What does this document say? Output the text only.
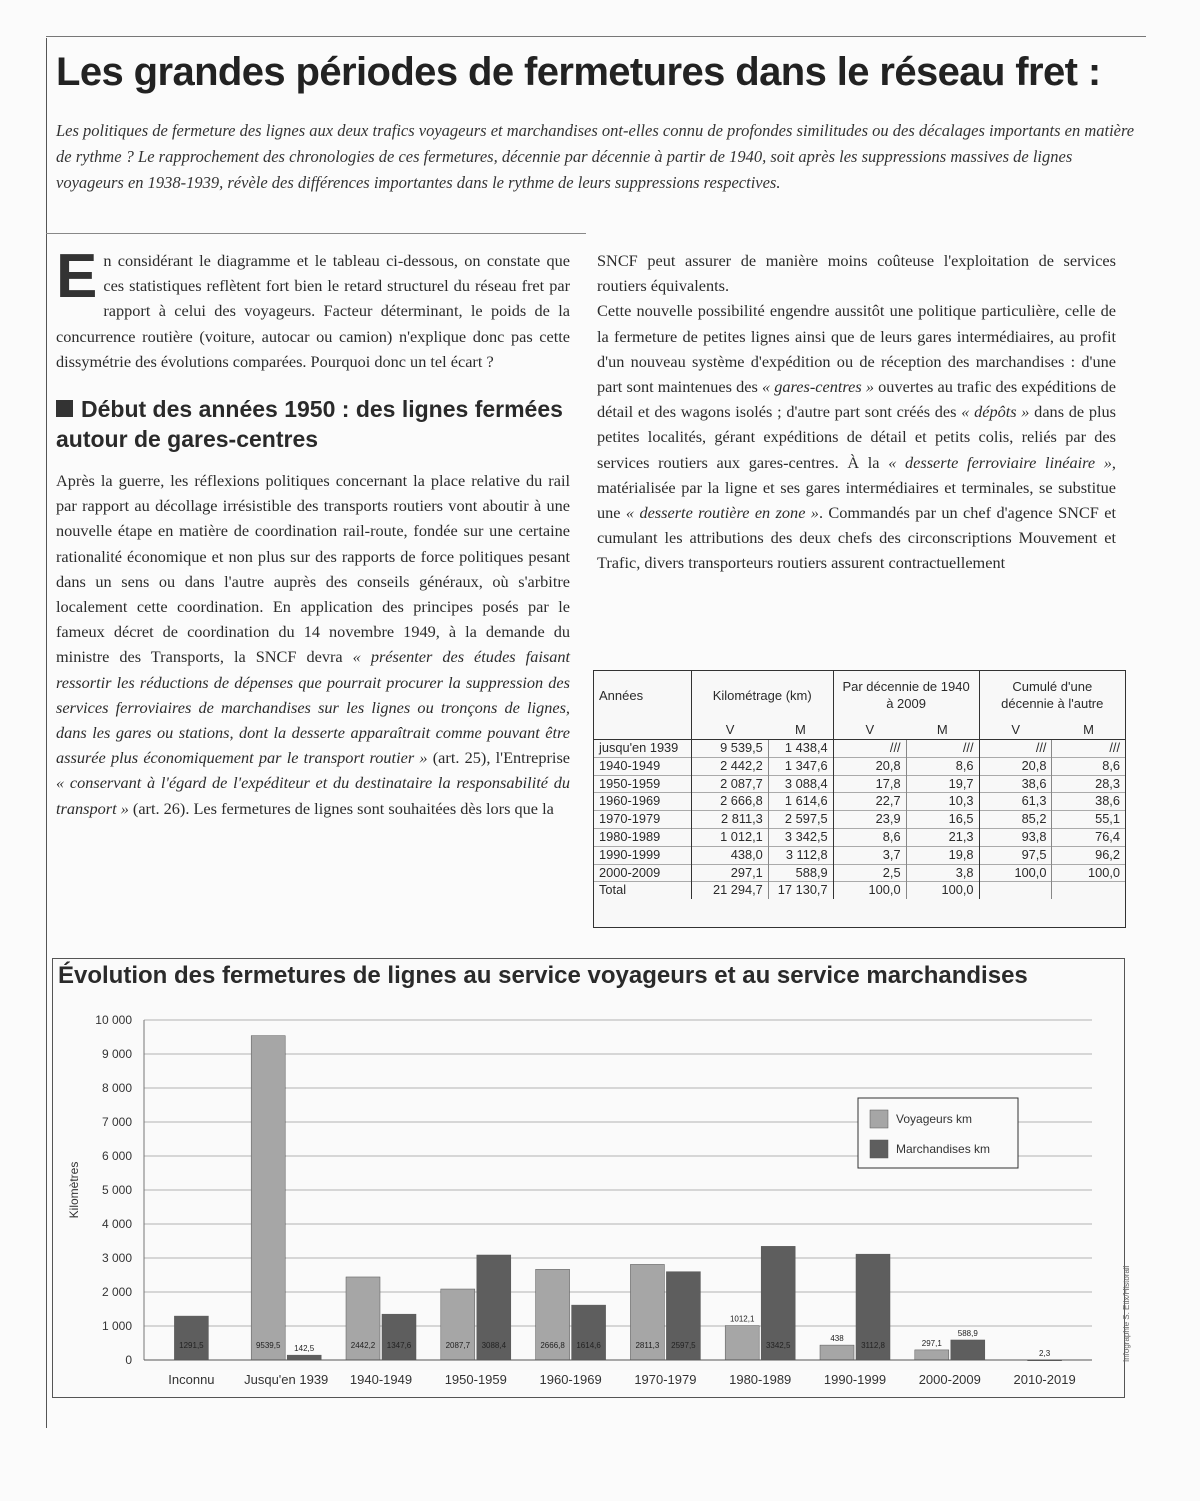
Les grandes périodes de fermetures dans le réseau fret :

Les politiques de fermeture des lignes aux deux trafics voyageurs et marchandises ont-elles connu de profondes similitudes ou des décalages importants en matière de rythme ? Le rapprochement des chronologies de ces fermetures, décennie par décennie à partir de 1940, soit après les suppressions massives de lignes voyageurs en 1938-1939, révèle des différences importantes dans le rythme de leurs suppressions respectives.

En considérant le diagramme et le tableau ci-dessous, on constate que ces statistiques reflètent fort bien le retard structurel du réseau fret par rapport à celui des voyageurs. Facteur déterminant, le poids de la concurrence routière (voiture, autocar ou camion) n'explique donc pas cette dissymétrie des évolutions comparées. Pourquoi donc un tel écart ?

Début des années 1950 : des lignes fermées autour de gares-centres

Après la guerre, les réflexions politiques concernant la place relative du rail par rapport au décollage irrésistible des transports routiers vont aboutir à une nouvelle étape en matière de coordination rail-route, fondée sur une certaine rationalité économique et non plus sur des rapports de force politiques pesant dans un sens ou dans l'autre auprès des conseils généraux, où s'arbitre localement cette coordination. En application des principes posés par le fameux décret de coordination du 14 novembre 1949, à la demande du ministre des Transports, la SNCF devra « présenter des études faisant ressortir les réductions de dépenses que pourrait procurer la suppression des services ferroviaires de marchandises sur les lignes ou tronçons de lignes, dans les gares ou stations, dont la desserte apparaîtrait comme pouvant être assurée plus économiquement par le transport routier » (art. 25), l'Entreprise « conservant à l'égard de l'expéditeur et du destinataire la responsabilité du transport » (art. 26). Les fermetures de lignes sont souhaitées dès lors que la

SNCF peut assurer de manière moins coûteuse l'exploitation de services routiers équivalents.

Cette nouvelle possibilité engendre aussitôt une politique particulière, celle de la fermeture de petites lignes ainsi que de leurs gares intermédiaires, au profit d'un nouveau système d'expédition ou de réception des marchandises : d'une part sont maintenues des « gares-centres » ouvertes au trafic des expéditions de détail et des wagons isolés ; d'autre part sont créés des « dépôts » dans de plus petites localités, gérant expéditions de détail et petits colis, reliés par des services routiers aux gares-centres. À la « desserte ferroviaire linéaire », matérialisée par la ligne et ses gares intermédiaires et terminales, se substitue une « desserte routière en zone ». Commandés par un chef d'agence SNCF et cumulant les attributions des deux chefs des circonscriptions Mouvement et Trafic, divers transporteurs routiers assurent contractuellement

Années	Kilométrage (km)		Par décennie de 1940 à 2009		Cumulé d'une décennie à l'autre	
	V	M	V	M	V	M
jusqu'en 1939	9 539,5	1 438,4	///	///	///	///
1940-1949	2 442,2	1 347,6	20,8	8,6	20,8	8,6
1950-1959	2 087,7	3 088,4	17,8	19,7	38,6	28,3
1960-1969	2 666,8	1 614,6	22,7	10,3	61,3	38,6
1970-1979	2 811,3	2 597,5	23,9	16,5	85,2	55,1
1980-1989	1 012,1	3 342,5	8,6	21,3	93,8	76,4
1990-1999	438,0	3 112,8	3,7	19,8	97,5	96,2
2000-2009	297,1	588,9	2,5	3,8	100,0	100,0
Total	21 294,7	17 130,7	100,0	100,0		
Évolution des fermetures de lignes au service voyageurs et au service marchandises
0
1 000
2 000
3 000
4 000
5 000
6 000
7 000
8 000
9 000
10 000
Kilomètres
Inconnu
1291,5
Jusqu'en 1939
9539,5 142,5
1940-1949
2442,2 1347,6
1950-1959
2087,7 3088,4
1960-1969
2666,8 1614,6
1970-1979
2811,3 2597,5
1980-1989
1012,1
3342,5
1990-1999
438
3112,8
2000-2009
297,1
588,9
2010-2019
2,3
Voyageurs km
Marchandises km
Infographie S. Etix/Historail
